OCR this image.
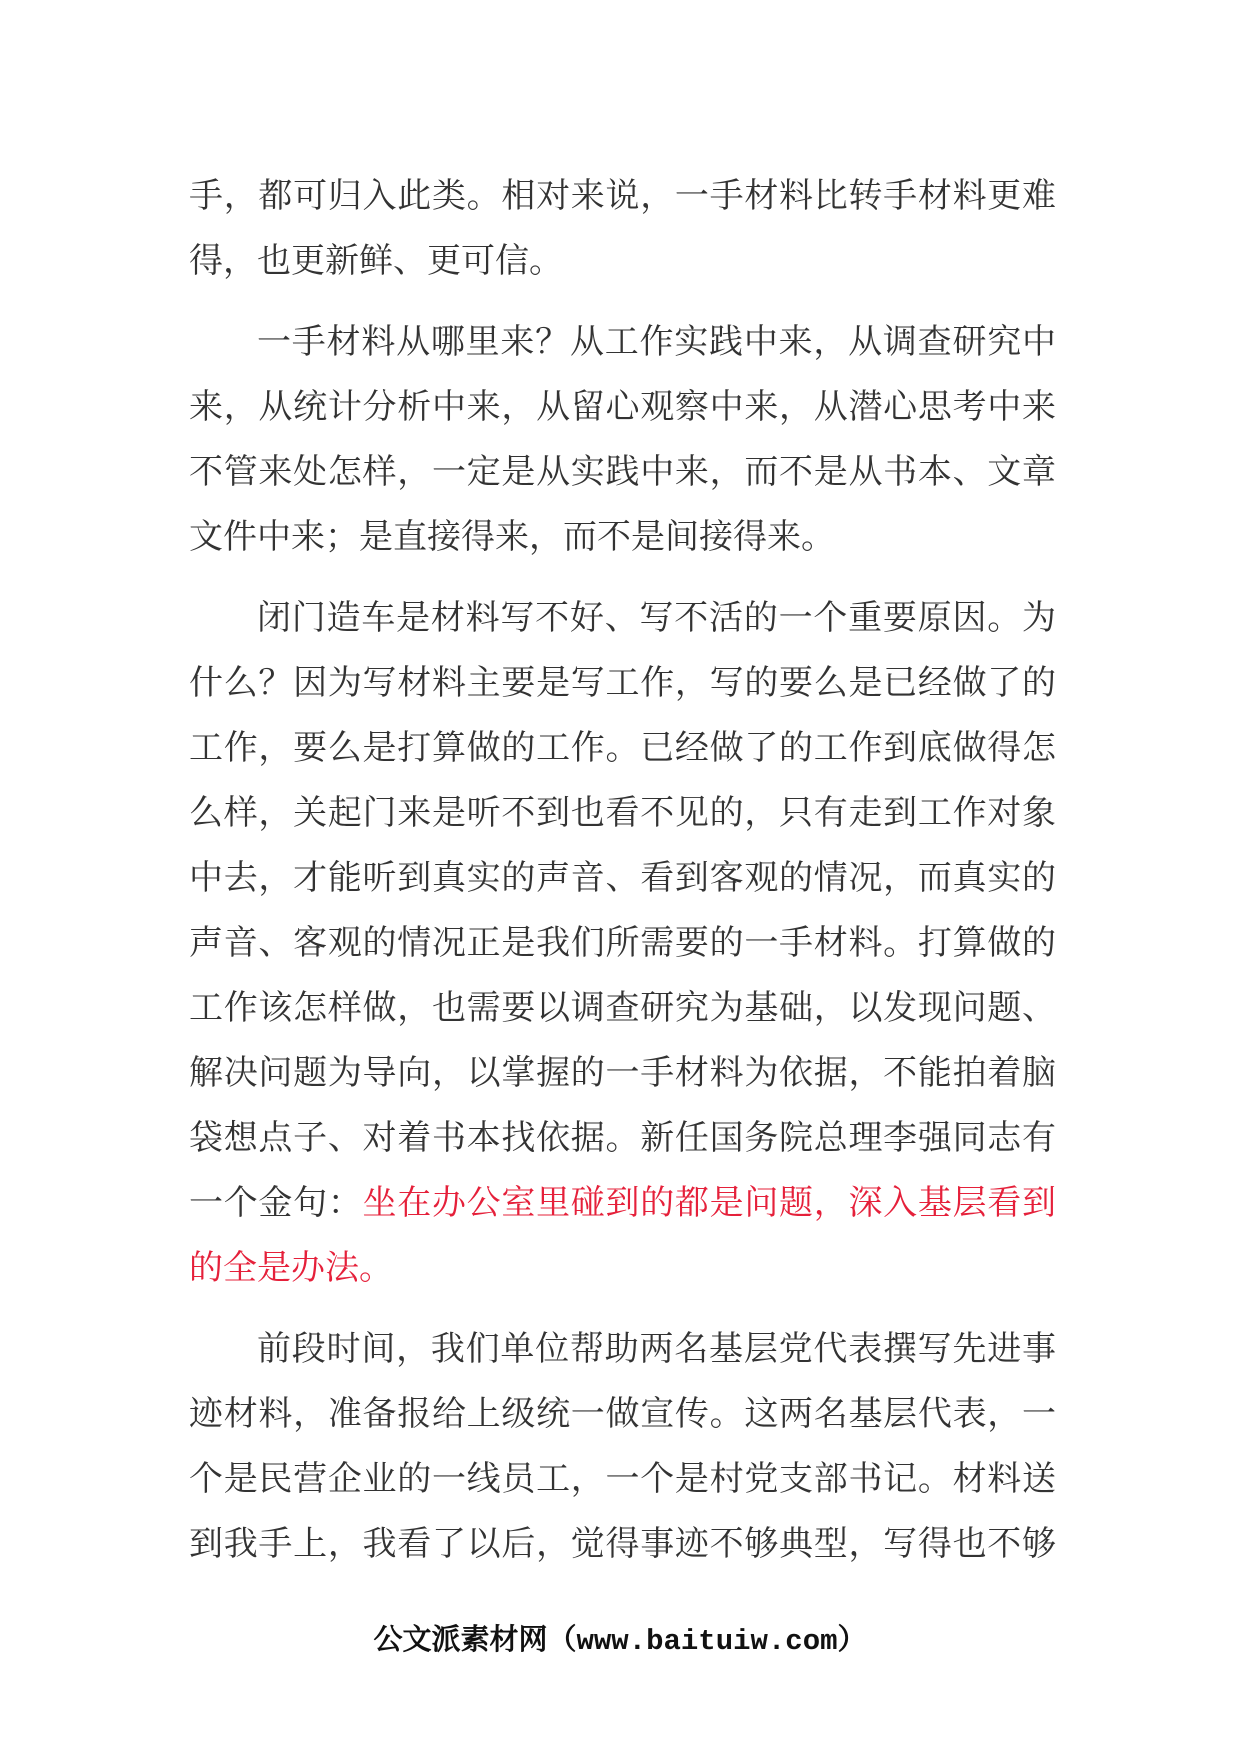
手，都可归入此类。相对来说，一手材料比转手材料更难
得，也更新鲜、更可信。
一手材料从哪里来？从工作实践中来，从调查研究中
来，从统计分析中来，从留心观察中来，从潜心思考中来
不管来处怎样，一定是从实践中来，而不是从书本、文章
文件中来；是直接得来，而不是间接得来。
闭门造车是材料写不好、写不活的一个重要原因。为
什么？因为写材料主要是写工作，写的要么是已经做了的
工作，要么是打算做的工作。已经做了的工作到底做得怎
么样，关起门来是听不到也看不见的，只有走到工作对象
中去，才能听到真实的声音、看到客观的情况，而真实的
声音、客观的情况正是我们所需要的一手材料。打算做的
工作该怎样做，也需要以调查研究为基础，以发现问题、
解决问题为导向，以掌握的一手材料为依据，不能拍着脑
袋想点子、对着书本找依据。新任国务院总理李强同志有
一个金句：坐在办公室里碰到的都是问题，深入基层看到
的全是办法。
前段时间，我们单位帮助两名基层党代表撰写先进事
迹材料，准备报给上级统一做宣传。这两名基层代表，一
个是民营企业的一线员工，一个是村党支部书记。材料送
到我手上，我看了以后，觉得事迹不够典型，写得也不够
公文派素材网（www.baituiw.com）
